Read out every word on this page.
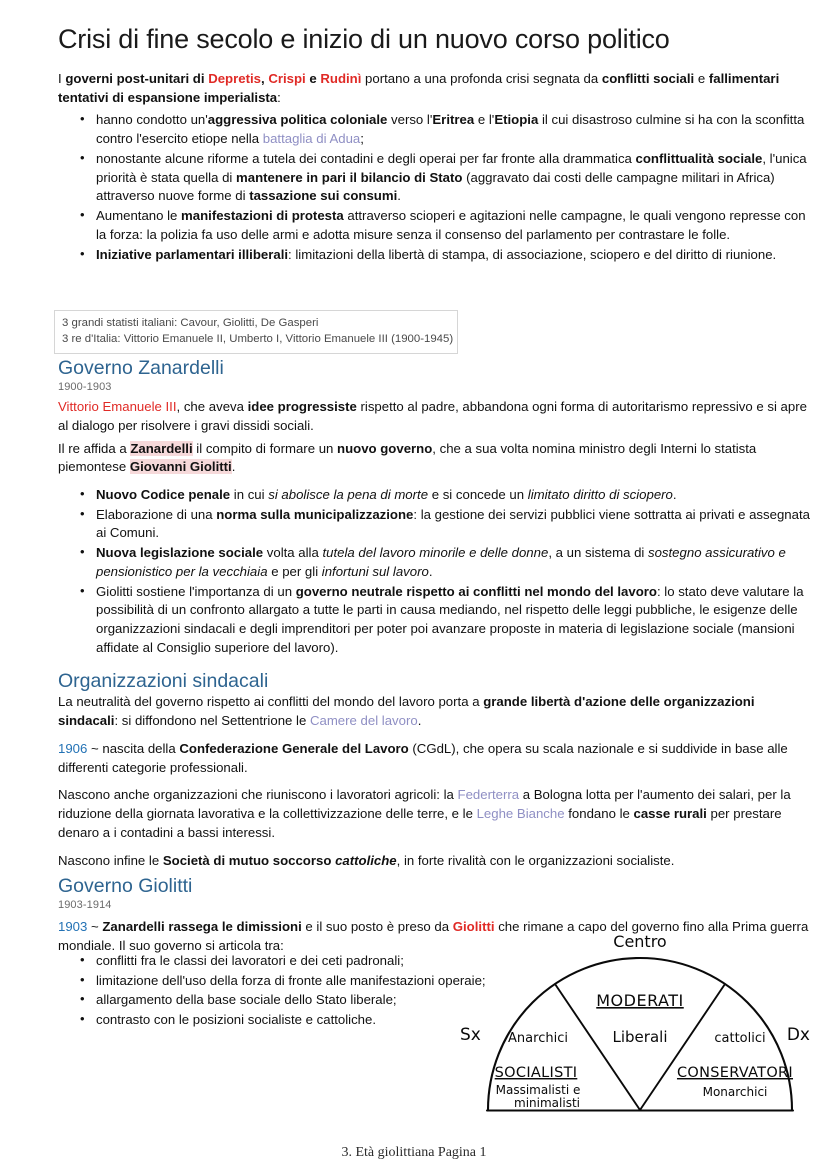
Crisi di fine secolo e inizio di un nuovo corso politico

I governi post-unitari di Depretis, Crispi e Rudinì portano a una profonda crisi segnata da conflitti sociali e fallimentari tentativi di espansione imperialista:

• hanno condotto un'aggressiva politica coloniale verso l'Eritrea e l'Etiopia il cui disastroso culmine si ha con la sconfitta contro l'esercito etiope nella battaglia di Adua;
• nonostante alcune riforme a tutela dei contadini e degli operai per far fronte alla drammatica conflittualità sociale, l'unica priorità è stata quella di mantenere in pari il bilancio di Stato (aggravato dai costi delle campagne militari in Africa) attraverso nuove forme di tassazione sui consumi.
• Aumentano le manifestazioni di protesta attraverso scioperi e agitazioni nelle campagne, le quali vengono represse con la forza: la polizia fa uso delle armi e adotta misure senza il consenso del parlamento per contrastare le folle.
• Iniziative parlamentari illiberali: limitazioni della libertà di stampa, di associazione, sciopero e del diritto di riunione.
3 grandi statisti italiani: Cavour, Giolitti, De Gasperi
3 re d'Italia: Vittorio Emanuele II, Umberto I, Vittorio Emanuele III (1900-1945)
Governo Zanardelli
1900-1903

Vittorio Emanuele III, che aveva idee progressiste rispetto al padre, abbandona ogni forma di autoritarismo repressivo e si apre al dialogo per risolvere i gravi dissidi sociali.

Il re affida a Zanardelli il compito di formare un nuovo governo, che a sua volta nomina ministro degli Interni lo statista piemontese Giovanni Giolitti.

• Nuovo Codice penale in cui si abolisce la pena di morte e si concede un limitato diritto di sciopero.
• Elaborazione di una norma sulla municipalizzazione: la gestione dei servizi pubblici viene sottratta ai privati e assegnata ai Comuni.
• Nuova legislazione sociale volta alla tutela del lavoro minorile e delle donne, a un sistema di sostegno assicurativo e pensionistico per la vecchiaia e per gli infortuni sul lavoro.
• Giolitti sostiene l'importanza di un governo neutrale rispetto ai conflitti nel mondo del lavoro: lo stato deve valutare la possibilità di un confronto allargato a tutte le parti in causa mediando, nel rispetto delle leggi pubbliche, le esigenze delle organizzazioni sindacali e degli imprenditori per poter poi avanzare proposte in materia di legislazione sociale (mansioni affidate al Consiglio superiore del lavoro).
Organizzazioni sindacali

La neutralità del governo rispetto ai conflitti del mondo del lavoro porta a grande libertà d'azione delle organizzazioni sindacali: si diffondono nel Settentrione le Camere del lavoro.

1906 ~ nascita della Confederazione Generale del Lavoro (CGdL), che opera su scala nazionale e si suddivide in base alle differenti categorie professionali.

Nascono anche organizzazioni che riuniscono i lavoratori agricoli: la Federterra a Bologna lotta per l'aumento dei salari, per la riduzione della giornata lavorativa e la collettivizzazione delle terre, e le Leghe Bianche fondano le casse rurali per prestare denaro a i contadini a bassi interessi.

Nascono infine le Società di mutuo soccorso cattoliche, in forte rivalità con le organizzazioni socialiste.

Governo Giolitti
1903-1914

1903 ~ Zanardelli rassega le dimissioni e il suo posto è preso da Giolitti che rimane a capo del governo fino alla Prima guerra mondiale. Il suo governo si articola tra:

• conflitti fra le classi dei lavoratori e dei ceti padronali;
• limitazione dell'uso della forza di fronte alle manifestazioni operaie;
• allargamento della base sociale dello Stato liberale;
• contrasto con le posizioni socialiste e cattoliche.
Centro
Sx	Dx
MODERATI
Liberali
Anarchici
SOCIALISTI
Massimalisti e
minimalisti
cattolici
CONSERVATORI
Monarchici
3. Età giolittiana Pagina 1
